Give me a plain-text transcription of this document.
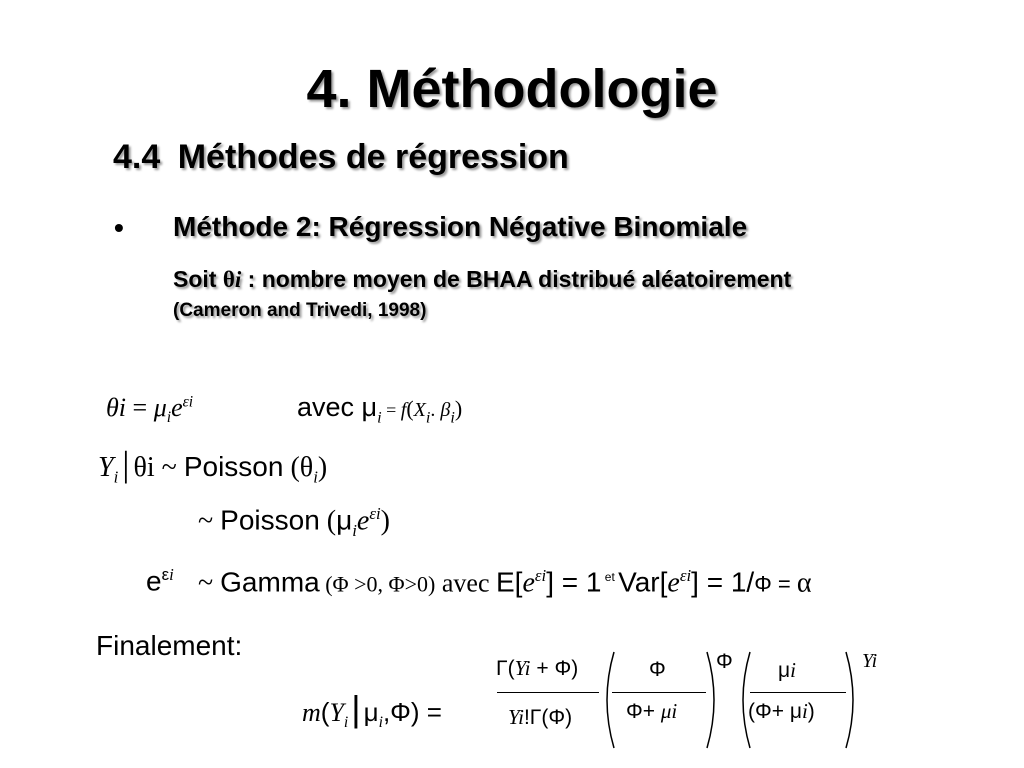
4. Méthodologie
4.4 Méthodes de régression
• Méthode 2: Régression Négative Binomiale
Soit θi : nombre moyen de BHAA distribué aléatoirement
(Cameron and Trivedi, 1998)
$\theta i = \mu_ie^{\varepsilon i}$	avec $\mu_i = f(X_i$. $\beta_i$)
$Y_i$ | θi ~ Poisson $(\theta_i)$
~ Poisson $(\mu_ie^{\varepsilon i})$
$e^{\varepsilon i}$ ~ Gamma (Φ >0, Φ>0) avec $E[e^{\varepsilon i}] = 1$ $^{et}$ $Var[e^{\varepsilon i}] = 1/\Phi = \alpha$
Finalement:
$m(Y_i|$ $\mu_i,\Phi$) =
Γ(Yi + Φ)
Yi!Γ(Φ)
Φ
Φ+ μi
Φ μi
(Φ+ μi)
Yi
